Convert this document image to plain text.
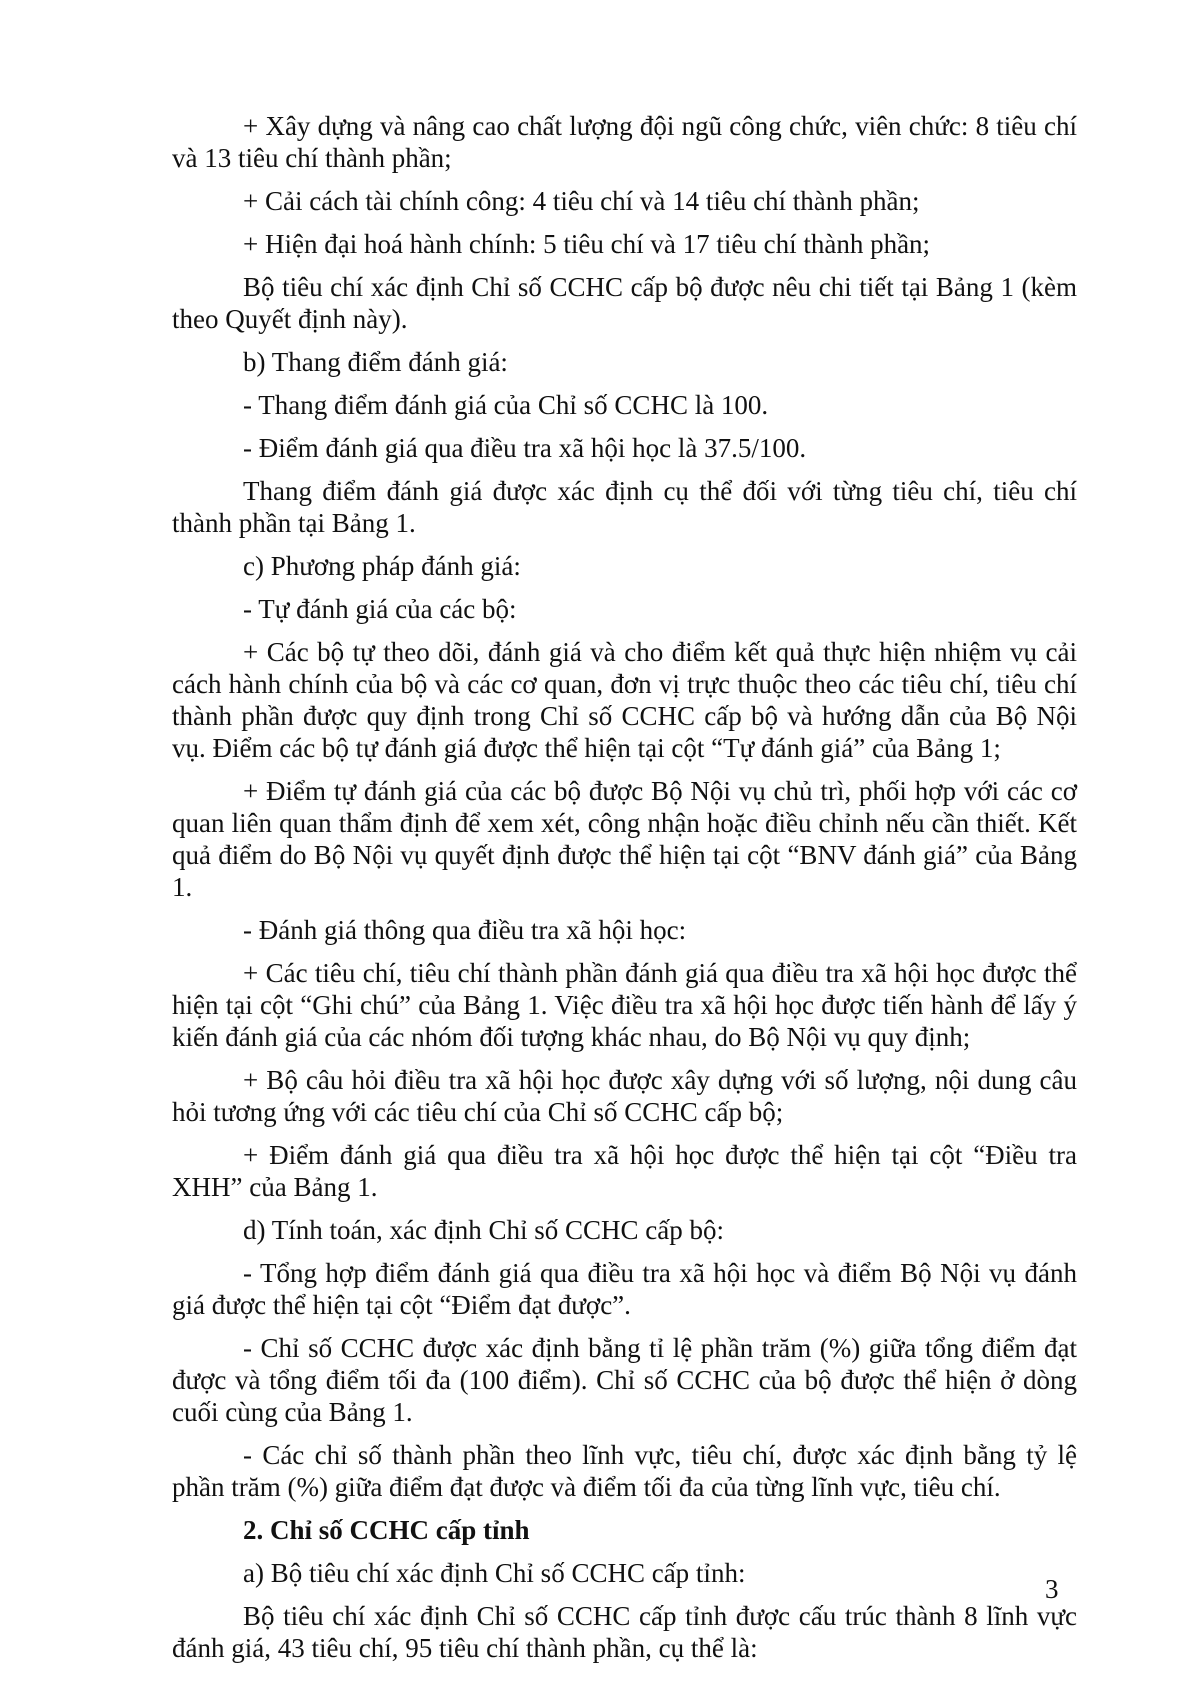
+ Xây dựng và nâng cao chất lượng đội ngũ công chức, viên chức: 8 tiêu chí và 13 tiêu chí thành phần;

+ Cải cách tài chính công: 4 tiêu chí và 14 tiêu chí thành phần;

+ Hiện đại hoá hành chính: 5 tiêu chí và 17 tiêu chí thành phần;

Bộ tiêu chí xác định Chỉ số CCHC cấp bộ được nêu chi tiết tại Bảng 1 (kèm theo Quyết định này).

b) Thang điểm đánh giá:

- Thang điểm đánh giá của Chỉ số CCHC là 100.

- Điểm đánh giá qua điều tra xã hội học là 37.5/100.

Thang điểm đánh giá được xác định cụ thể đối với từng tiêu chí, tiêu chí thành phần tại Bảng 1.

c) Phương pháp đánh giá:

- Tự đánh giá của các bộ:

+ Các bộ tự theo dõi, đánh giá và cho điểm kết quả thực hiện nhiệm vụ cải cách hành chính của bộ và các cơ quan, đơn vị trực thuộc theo các tiêu chí, tiêu chí thành phần được quy định trong Chỉ số CCHC cấp bộ và hướng dẫn của Bộ Nội vụ. Điểm các bộ tự đánh giá được thể hiện tại cột “Tự đánh giá” của Bảng 1;

+ Điểm tự đánh giá của các bộ được Bộ Nội vụ chủ trì, phối hợp với các cơ quan liên quan thẩm định để xem xét, công nhận hoặc điều chỉnh nếu cần thiết. Kết quả điểm do Bộ Nội vụ quyết định được thể hiện tại cột “BNV đánh giá” của Bảng 1.

- Đánh giá thông qua điều tra xã hội học:

+ Các tiêu chí, tiêu chí thành phần đánh giá qua điều tra xã hội học được thể hiện tại cột “Ghi chú” của Bảng 1. Việc điều tra xã hội học được tiến hành để lấy ý kiến đánh giá của các nhóm đối tượng khác nhau, do Bộ Nội vụ quy định;

+ Bộ câu hỏi điều tra xã hội học được xây dựng với số lượng, nội dung câu hỏi tương ứng với các tiêu chí của Chỉ số CCHC cấp bộ;

+ Điểm đánh giá qua điều tra xã hội học được thể hiện tại cột “Điều tra XHH” của Bảng 1.

d) Tính toán, xác định Chỉ số CCHC cấp bộ:

- Tổng hợp điểm đánh giá qua điều tra xã hội học và điểm Bộ Nội vụ đánh giá được thể hiện tại cột “Điểm đạt được”.

- Chỉ số CCHC được xác định bằng tỉ lệ phần trăm (%) giữa tổng điểm đạt được và tổng điểm tối đa (100 điểm). Chỉ số CCHC của bộ được thể hiện ở dòng cuối cùng của Bảng 1.

- Các chỉ số thành phần theo lĩnh vực, tiêu chí, được xác định bằng tỷ lệ phần trăm (%) giữa điểm đạt được và điểm tối đa của từng lĩnh vực, tiêu chí.

2. Chỉ số CCHC cấp tỉnh

a) Bộ tiêu chí xác định Chỉ số CCHC cấp tỉnh:

Bộ tiêu chí xác định Chỉ số CCHC cấp tỉnh được cấu trúc thành 8 lĩnh vực đánh giá, 43 tiêu chí, 95 tiêu chí thành phần, cụ thể là:

3
